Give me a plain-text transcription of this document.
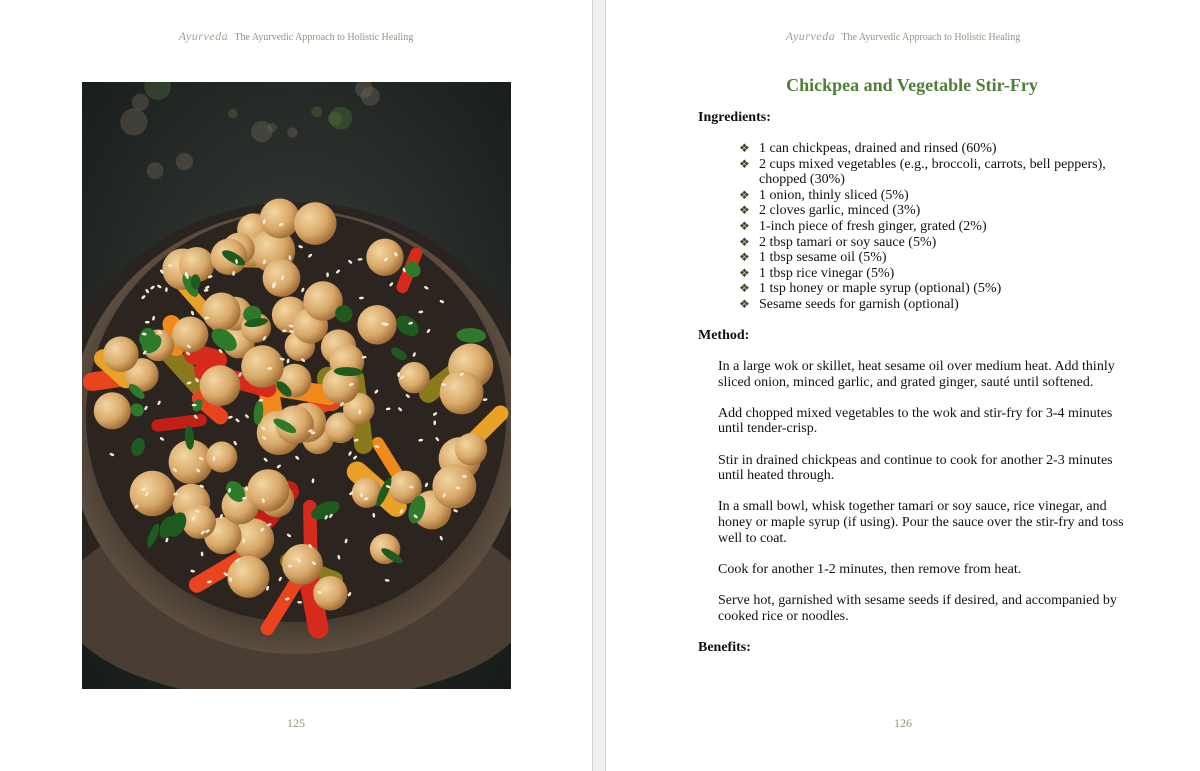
Ayurveda The Ayurvedic Approach to Holistic Healing
125
Ayurveda The Ayurvedic Approach to Holistic Healing
Chickpea and Vegetable Stir-Fry
Ingredients:
❖ 1 can chickpeas, drained and rinsed (60%)
❖ 2 cups mixed vegetables (e.g., broccoli, carrots, bell peppers), chopped (30%)
❖ 1 onion, thinly sliced (5%)
❖ 2 cloves garlic, minced (3%)
❖ 1-inch piece of fresh ginger, grated (2%)
❖ 2 tbsp tamari or soy sauce (5%)
❖ 1 tbsp sesame oil (5%)
❖ 1 tbsp rice vinegar (5%)
❖ 1 tsp honey or maple syrup (optional) (5%)
❖ Sesame seeds for garnish (optional)
Method:

In a large wok or skillet, heat sesame oil over medium heat. Add thinly sliced onion, minced garlic, and grated ginger, sauté until softened.

Add chopped mixed vegetables to the wok and stir-fry for 3-4 minutes until tender-crisp.

Stir in drained chickpeas and continue to cook for another 2-3 minutes until heated through.

In a small bowl, whisk together tamari or soy sauce, rice vinegar, and honey or maple syrup (if using). Pour the sauce over the stir-fry and toss well to coat.

Cook for another 1-2 minutes, then remove from heat.

Serve hot, garnished with sesame seeds if desired, and accompanied by cooked rice or noodles.

Benefits:
126
